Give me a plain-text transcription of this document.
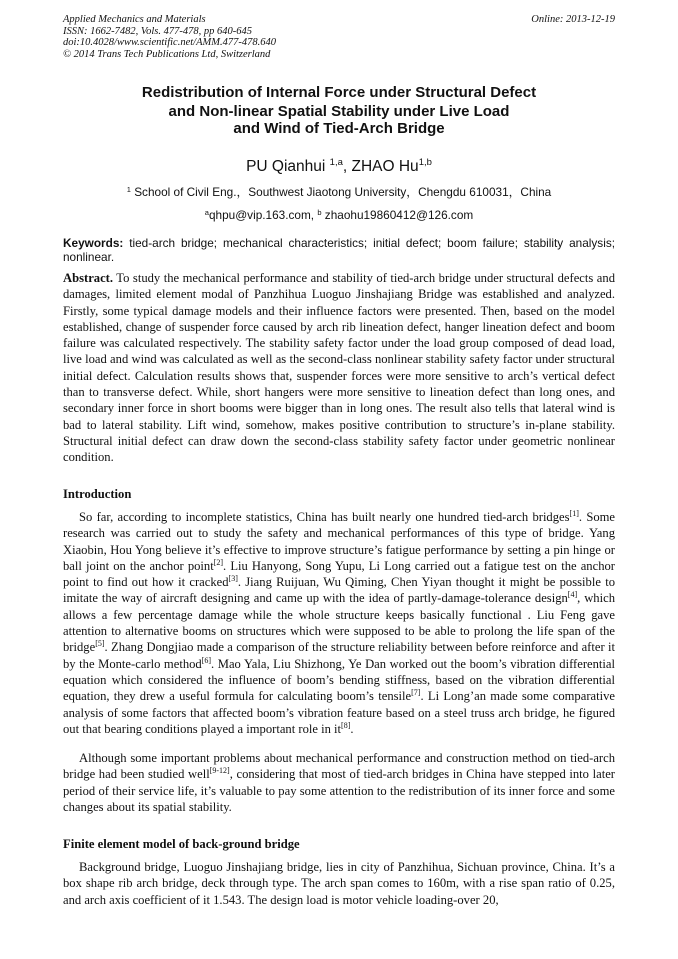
Applied Mechanics and Materials
ISSN: 1662-7482, Vols. 477-478, pp 640-645
doi:10.4028/www.scientific.net/AMM.477-478.640
© 2014 Trans Tech Publications Ltd, Switzerland
Online: 2013-12-19
Redistribution of Internal Force under Structural Defect
and Non-linear Spatial Stability under Live Load
and Wind of Tied-Arch Bridge
PU Qianhui $^{1,a}$, ZHAO Hu$^{1,b}$
$^1$ School of Civil Eng.，Southwest Jiaotong University，Chengdu 610031，China
$^a$qhpu@vip.163.com, $^b$ zhaohu19860412@126.com
Keywords: tied-arch bridge; mechanical characteristics; initial defect; boom failure; stability analysis; nonlinear.
Abstract. To study the mechanical performance and stability of tied-arch bridge under structural defects and damages, limited element modal of Panzhihua Luoguo Jinshajiang Bridge was established and analyzed. Firstly, some typical damage models and their influence factors were presented. Then, based on the model established, change of suspender force caused by arch rib lineation defect, hanger lineation defect and boom failure was calculated respectively. The stability safety factor under the load group composed of dead load, live load and wind was calculated as well as the second-class nonlinear stability safety factor under structural initial defect. Calculation results shows that, suspender forces were more sensitive to arch’s vertical defect than to transverse defect. While, short hangers were more sensitive to lineation defect than long ones, and secondary inner force in short booms were bigger than in long ones. The result also tells that lateral wind is bad to lateral stability. Lift wind, somehow, makes positive contribution to structure’s in-plane stability. Structural initial defect can draw down the second-class stability safety factor under geometric nonlinear condition.
Introduction

So far, according to incomplete statistics, China has built nearly one hundred tied-arch bridges[1]. Some research was carried out to study the safety and mechanical performances of this type of bridge. Yang Xiaobin, Hou Yong believe it’s effective to improve structure’s fatigue performance by setting a pin hinge or ball joint on the anchor point[2]. Liu Hanyong, Song Yupu, Li Long carried out a fatigue test on the anchor point to find out how it cracked[3]. Jiang Ruijuan, Wu Qiming, Chen Yiyan thought it might be possible to imitate the way of aircraft designing and came up with the idea of partly-damage-tolerance design[4], which allows a few percentage damage while the whole structure keeps basically functional . Liu Feng gave attention to alternative booms on structures which were supposed to be able to prolong the life span of the bridge[5]. Zhang Dongjiao made a comparison of the structure reliability between before reinforce and after it by the Monte-carlo method[6]. Mao Yala, Liu Shizhong, Ye Dan worked out the boom’s vibration differential equation which considered the influence of boom’s bending stiffness, based on the vibration differential equation, they drew a useful formula for calculating boom’s tensile[7]. Li Long’an made some comparative analysis of some factors that affected boom’s vibration feature based on a steel truss arch bridge, he figured out that bearing conditions played a important role in it[8].

Although some important problems about mechanical performance and construction method on tied-arch bridge had been studied well[9-12], considering that most of tied-arch bridges in China have stepped into later period of their service life, it’s valuable to pay some attention to the redistribution of its inner force and some changes about its spatial stability.

Finite element model of back-ground bridge

Background bridge, Luoguo Jinshajiang bridge, lies in city of Panzhihua, Sichuan province, China. It’s a box shape rib arch bridge, deck through type. The arch span comes to 160m, with a rise span ratio of 0.25, and arch axis coefficient of it 1.543. The design load is motor vehicle loading-over 20,
